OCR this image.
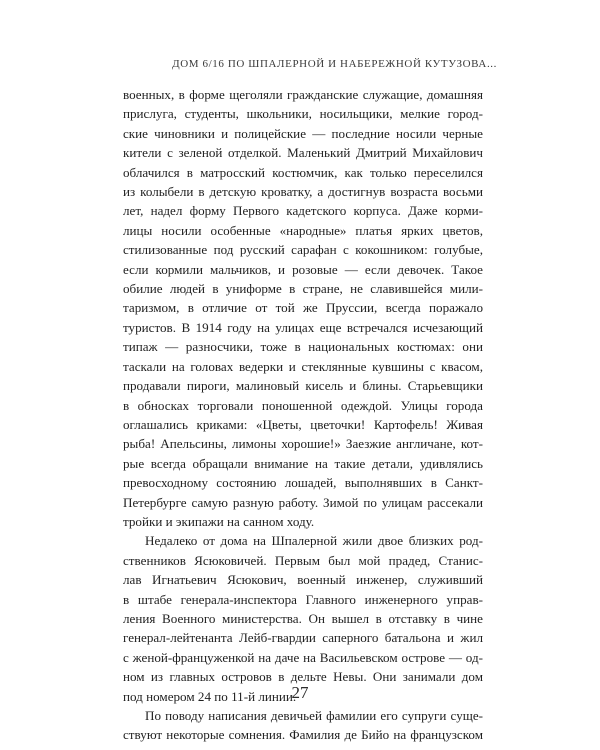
ДОМ 6/16 ПО ШПАЛЕРНОЙ И НАБЕРЕЖНОЙ КУТУЗОВА...
военных, в форме щеголяли гражданские служащие, домашняя
прислуга, студенты, школьники, носильщики, мелкие город-
ские чиновники и полицейские — последние носили черные
кители с зеленой отделкой. Маленький Дмитрий Михайлович
облачился в матросский костюмчик, как только переселился
из колыбели в детскую кроватку, а достигнув возраста восьми
лет, надел форму Первого кадетского корпуса. Даже корми-
лицы носили особенные «народные» платья ярких цветов,
стилизованные под русский сарафан с кокошником: голубые,
если кормили мальчиков, и розовые — если девочек. Такое
обилие людей в униформе в стране, не славившейся мили-
таризмом, в отличие от той же Пруссии, всегда поражало
туристов. В 1914 году на улицах еще встречался исчезающий
типаж — разносчики, тоже в национальных костюмах: они
таскали на головах ведерки и стеклянные кувшины с квасом,
продавали пироги, малиновый кисель и блины. Старьевщики
в обносках торговали поношенной одеждой. Улицы города
оглашались криками: «Цветы, цветочки! Картофель! Живая
рыба! Апельсины, лимоны хорошие!» Заезжие англичане, кот-
рые всегда обращали внимание на такие детали, удивлялись
превосходному состоянию лошадей, выполнявших в Санкт-
Петербурге самую разную работу. Зимой по улицам рассекали
тройки и экипажи на санном ходу.
Недалеко от дома на Шпалерной жили двое близких род-
ственников Ясюковичей. Первым был мой прадед, Станис-
лав Игнатьевич Ясюкович, военный инженер, служивший
в штабе генерала-инспектора Главного инженерного управ-
ления Военного министерства. Он вышел в отставку в чине
генерал-лейтенанта Лейб-гвардии саперного батальона и жил
с женой-француженкой на даче на Васильевском острове — од-
ном из главных островов в дельте Невы. Они занимали дом
под номером 24 по 11-й линии.
По поводу написания девичьей фамилии его супруги суще-
ствуют некоторые сомнения. Фамилия де Бийо на французском
27
